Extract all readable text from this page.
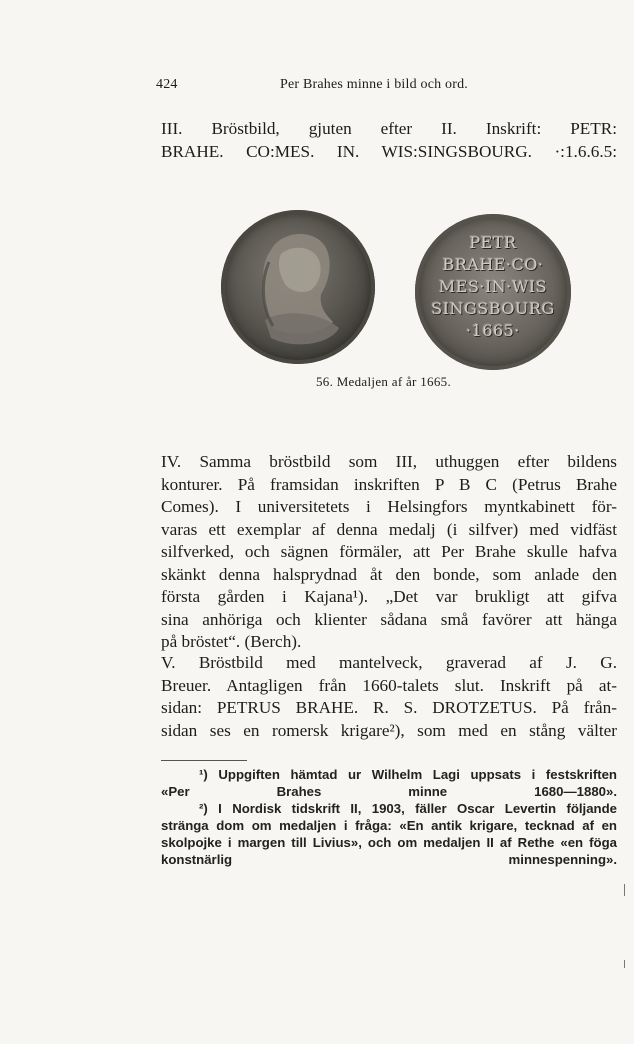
424	Per Brahes minne i bild och ord.
III. Bröstbild, gjuten efter II. Inskrift: PETR:
BRAHE. CO:MES. IN. WIS:SINGSBOURG. ·:1.6.6.5:
PETR
BRAHE·CO·
MES·IN·WIS
SINGSBOURG
·1665·
56. Medaljen af år 1665.
IV. Samma bröstbild som III, uthuggen efter bildens
konturer. På framsidan inskriften P B C (Petrus Brahe
Comes). I universitetets i Helsingfors myntkabinett för-
varas ett exemplar af denna medalj (i silfver) med vidfäst
silfverked, och sägnen förmäler, att Per Brahe skulle hafva
skänkt denna halsprydnad åt den bonde, som anlade den
första gården i Kajana¹). „Det var brukligt att gifva
sina anhöriga och klienter sådana små favörer att hänga
på bröstet“. (Berch).
V. Bröstbild med mantelveck, graverad af J. G.
Breuer. Antagligen från 1660-talets slut. Inskrift på at-
sidan: PETRUS BRAHE. R. S. DROTZETUS. På från-
sidan ses en romersk krigare²), som med en stång välter
¹) Uppgiften hämtad ur Wilhelm Lagi uppsats i festskriften
«Per Brahes minne 1680—1880».
²) I Nordisk tidskrift II, 1903, fäller Oscar Levertin följande
stränga dom om medaljen i fråga: «En antik krigare, tecknad af en
skolpojke i margen till Livius», och om medaljen II af Rethe «en föga
konstnärlig minnespenning».
